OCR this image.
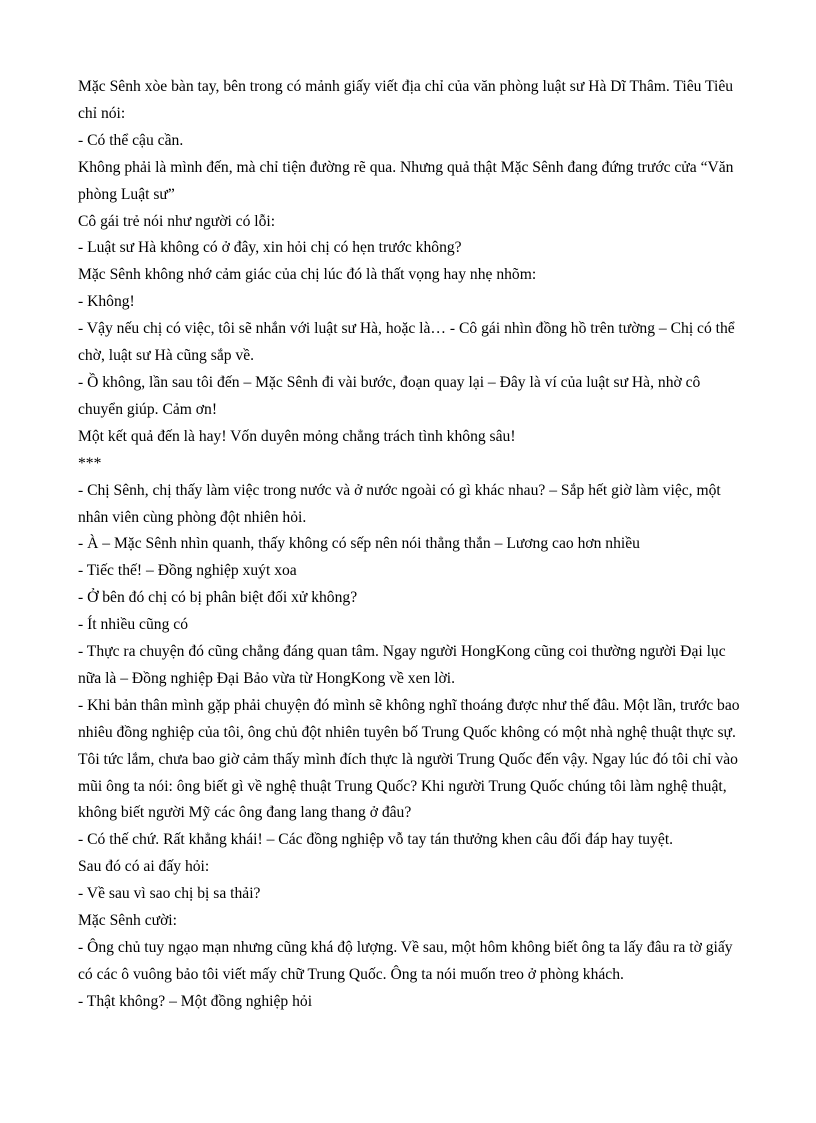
Mặc Sênh xòe bàn tay, bên trong có mảnh giấy viết địa chỉ của văn phòng luật sư Hà Dĩ Thâm. Tiêu Tiêu chỉ nói:

- Có thể cậu cần.

Không phải là mình đến, mà chỉ tiện đường rẽ qua. Nhưng quả thật Mặc Sênh đang đứng trước cửa “Văn phòng Luật sư”

Cô gái trẻ nói như người có lỗi:

- Luật sư Hà không có ở đây, xin hỏi chị có hẹn trước không?

Mặc Sênh không nhớ cảm giác của chị lúc đó là thất vọng hay nhẹ nhõm:

- Không!

- Vậy nếu chị có việc, tôi sẽ nhắn với luật sư Hà, hoặc là… - Cô gái nhìn đồng hồ trên tường – Chị có thể chờ, luật sư Hà cũng sắp về.

- Ồ không, lần sau tôi đến – Mặc Sênh đi vài bước, đoạn quay lại – Đây là ví của luật sư Hà, nhờ cô chuyển giúp. Cảm ơn!

Một kết quả đến là hay! Vốn duyên mỏng chẳng trách tình không sâu!

***

- Chị Sênh, chị thấy làm việc trong nước và ở nước ngoài có gì khác nhau? – Sắp hết giờ làm việc, một nhân viên cùng phòng đột nhiên hỏi.

- À – Mặc Sênh nhìn quanh, thấy không có sếp nên nói thẳng thắn – Lương cao hơn nhiều

- Tiếc thế! – Đồng nghiệp xuýt xoa

- Ở bên đó chị có bị phân biệt đối xử không?

- Ít nhiều cũng có

- Thực ra chuyện đó cũng chẳng đáng quan tâm. Ngay người HongKong cũng coi thường người Đại lục nữa là – Đồng nghiệp Đại Bảo vừa từ HongKong về xen lời.

- Khi bản thân mình gặp phải chuyện đó mình sẽ không nghĩ thoáng được như thế đâu. Một lần, trước bao nhiêu đồng nghiệp của tôi, ông chủ đột nhiên tuyên bố Trung Quốc không có một nhà nghệ thuật thực sự. Tôi tức lắm, chưa bao giờ cảm thấy mình đích thực là người Trung Quốc đến vậy. Ngay lúc đó tôi chỉ vào mũi ông ta nói: ông biết gì về nghệ thuật Trung Quốc? Khi người Trung Quốc chúng tôi làm nghệ thuật, không biết người Mỹ các ông đang lang thang ở đâu?

- Có thế chứ. Rất khẳng khái! – Các đồng nghiệp vỗ tay tán thưởng khen câu đối đáp hay tuyệt.

Sau đó có ai đấy hỏi:

- Về sau vì sao chị bị sa thải?

Mặc Sênh cười:

- Ông chủ tuy ngạo mạn nhưng cũng khá độ lượng. Về sau, một hôm không biết ông ta lấy đâu ra tờ giấy có các ô vuông bảo tôi viết mấy chữ Trung Quốc. Ông ta nói muốn treo ở phòng khách.

- Thật không? – Một đồng nghiệp hỏi
